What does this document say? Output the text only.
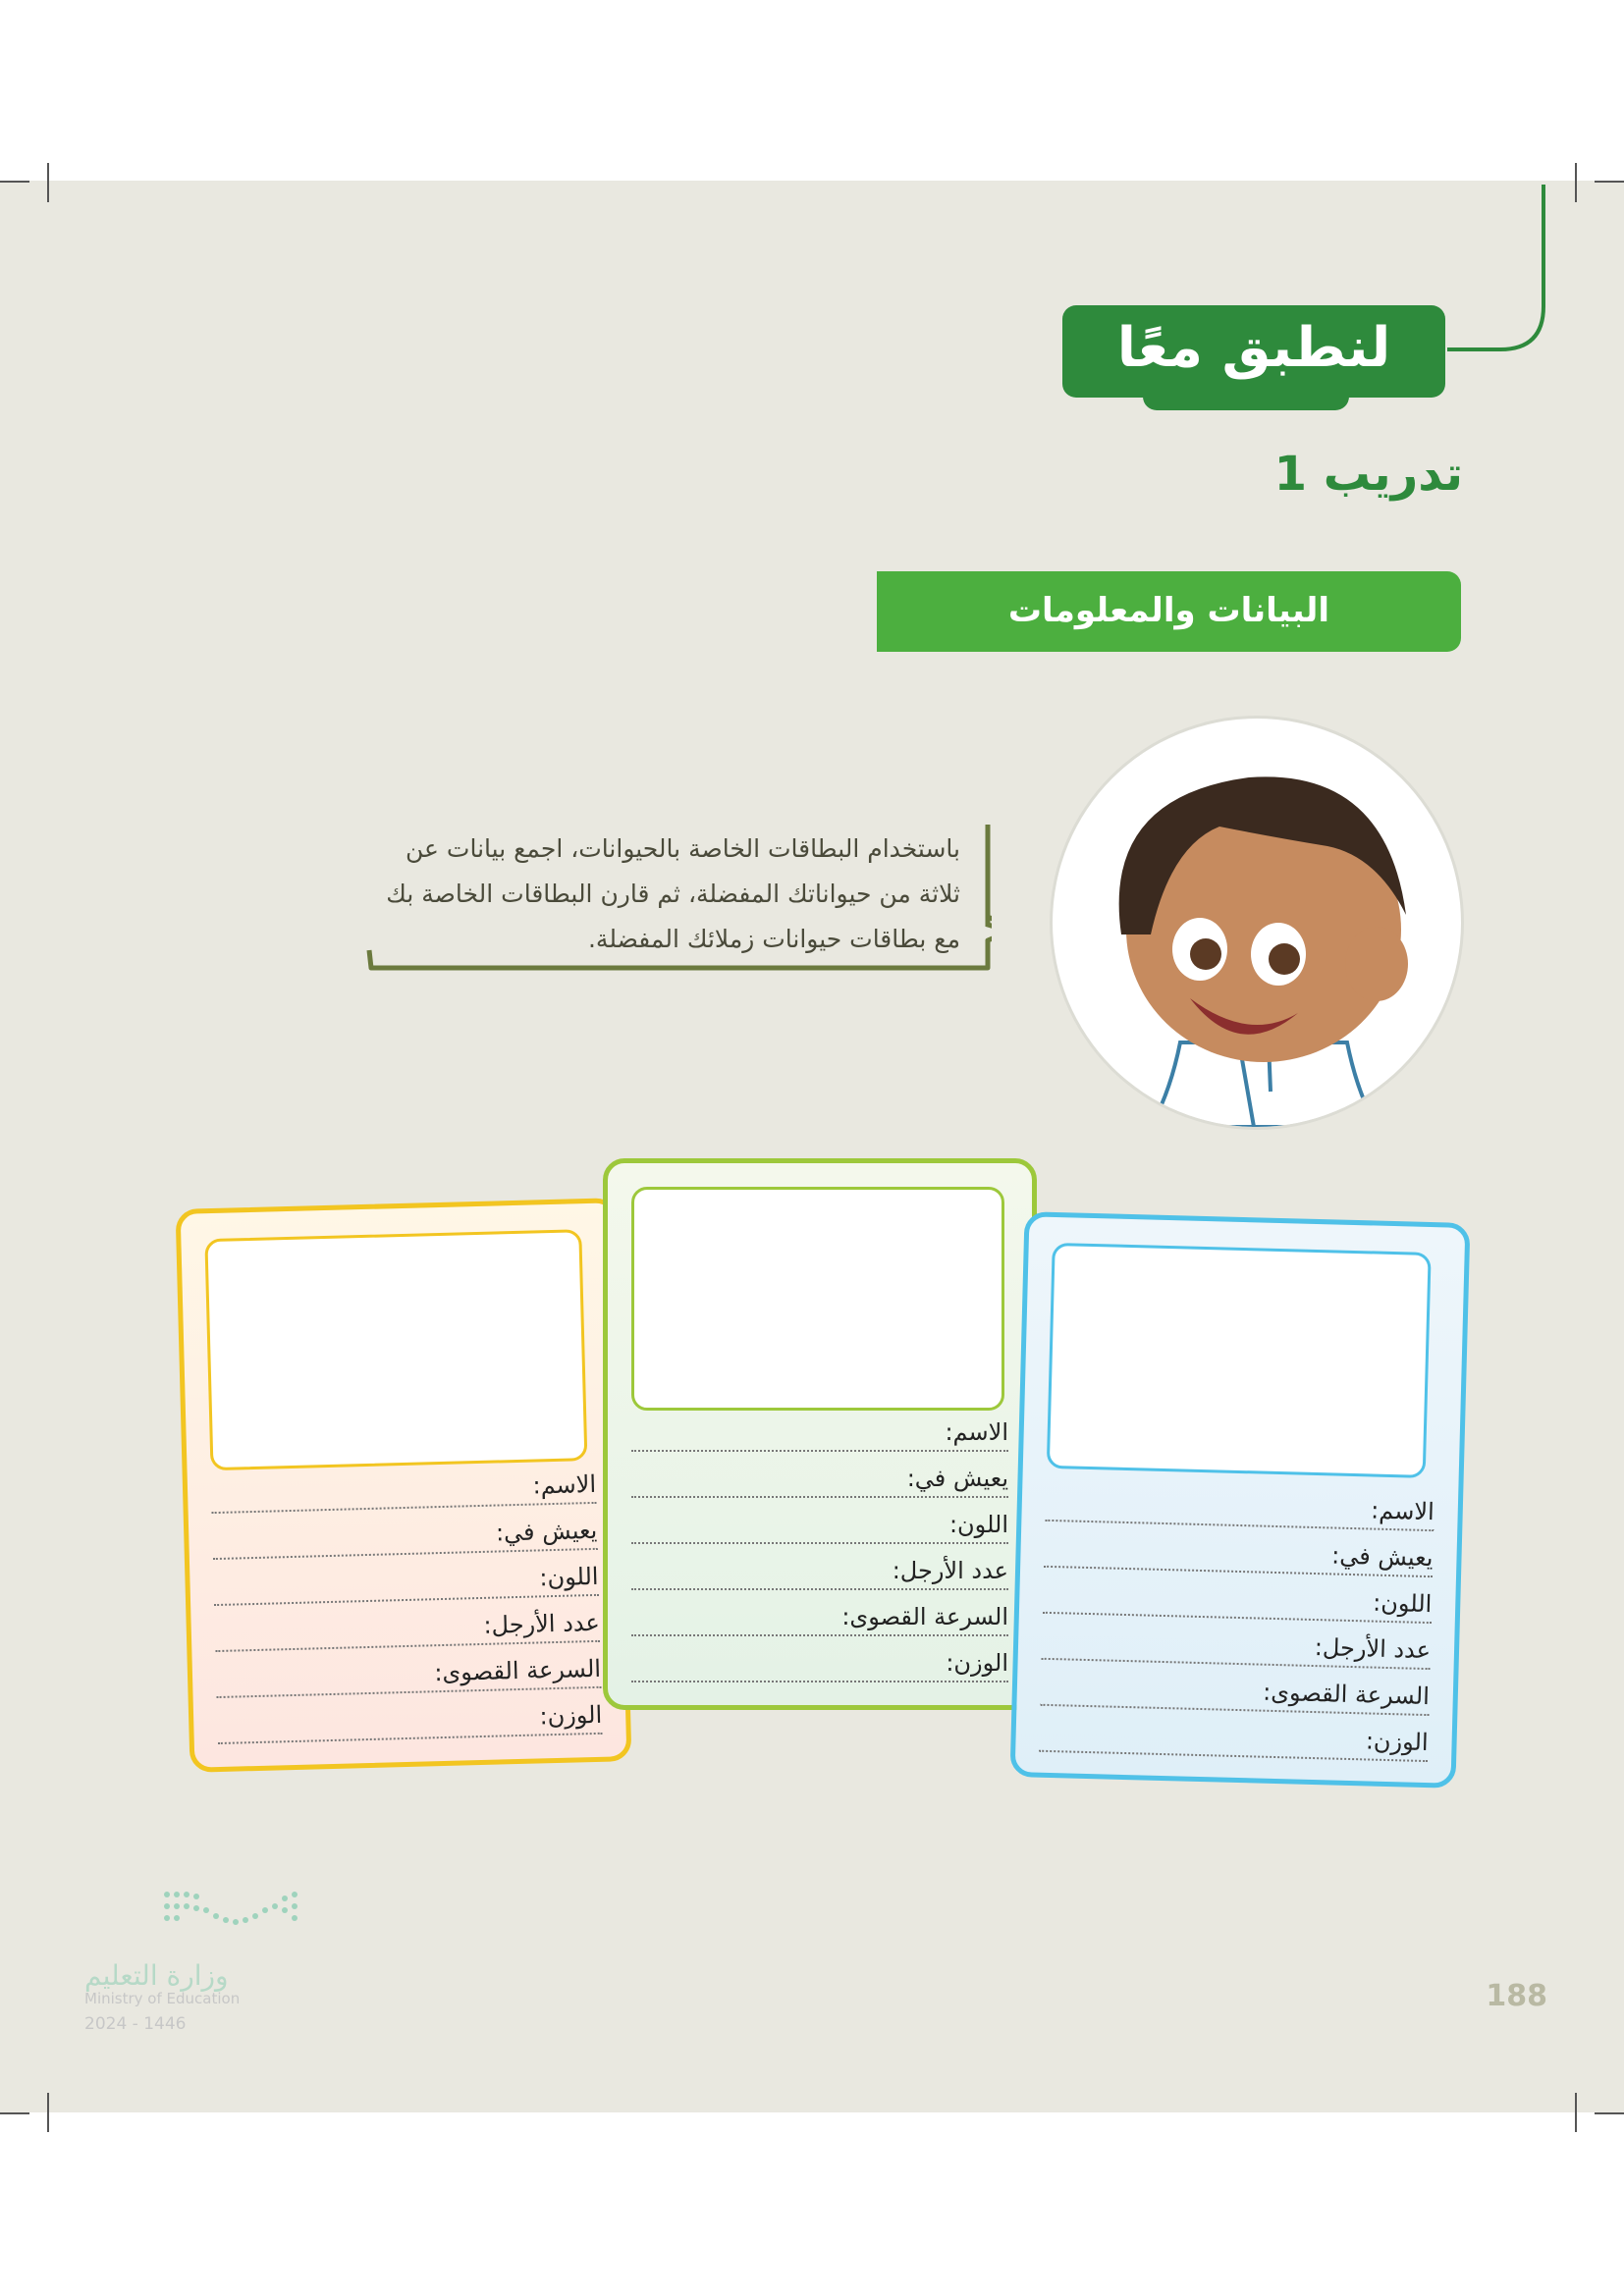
لنطبق معًا
تدريب 1
البيانات والمعلومات
باستخدام البطاقات الخاصة بالحيوانات، اجمع بيانات عن ثلاثة من حيواناتك المفضلة، ثم قارن البطاقات الخاصة بك مع بطاقات حيوانات زملائك المفضلة.
الاسم:
يعيش في:
اللون:
عدد الأرجل:
السرعة القصوى:
الوزن:
الاسم:
يعيش في:
اللون:
عدد الأرجل:
السرعة القصوى:
الوزن:
الاسم:
يعيش في:
اللون:
عدد الأرجل:
السرعة القصوى:
الوزن:
وزارة التعليم
Ministry of Education
2024 - 1446
188
